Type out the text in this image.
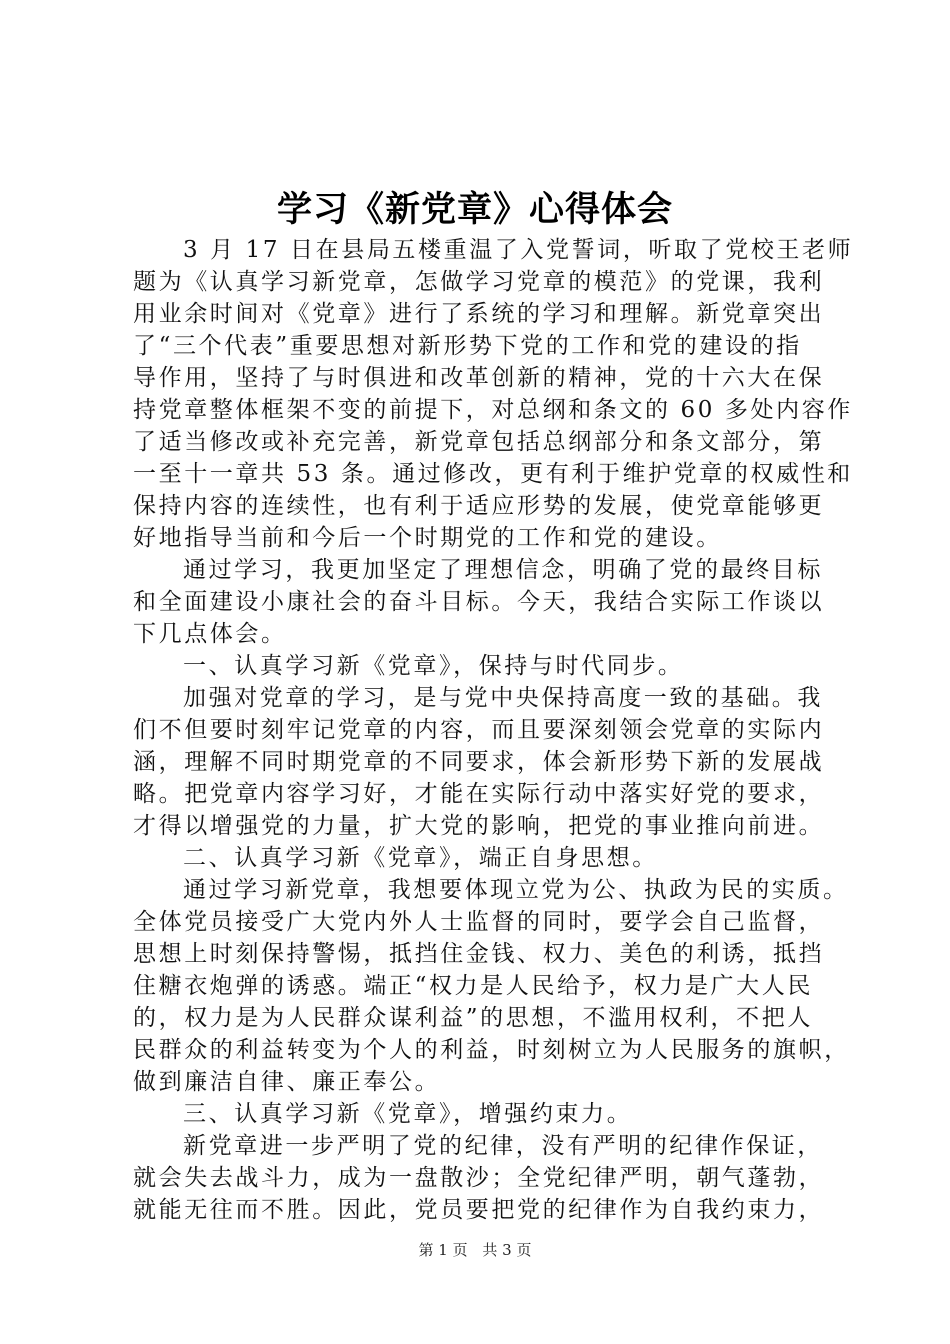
学习《新党章》心得体会
3 月 17 日在县局五楼重温了入党誓词，听取了党校王老师
题为《认真学习新党章，怎做学习党章的模范》的党课，我利
用业余时间对《党章》进行了系统的学习和理解。新党章突出
了“三个代表”重要思想对新形势下党的工作和党的建设的指
导作用，坚持了与时俱进和改革创新的精神，党的十六大在保
持党章整体框架不变的前提下，对总纲和条文的 60 多处内容作
了适当修改或补充完善，新党章包括总纲部分和条文部分，第
一至十一章共 53 条。通过修改，更有利于维护党章的权威性和
保持内容的连续性，也有利于适应形势的发展，使党章能够更
好地指导当前和今后一个时期党的工作和党的建设。
通过学习，我更加坚定了理想信念，明确了党的最终目标
和全面建设小康社会的奋斗目标。今天，我结合实际工作谈以
下几点体会。
一、认真学习新《党章》，保持与时代同步。
加强对党章的学习，是与党中央保持高度一致的基础。我
们不但要时刻牢记党章的内容，而且要深刻领会党章的实际内
涵，理解不同时期党章的不同要求，体会新形势下新的发展战
略。把党章内容学习好，才能在实际行动中落实好党的要求，
才得以增强党的力量，扩大党的影响，把党的事业推向前进。
二、认真学习新《党章》，端正自身思想。
通过学习新党章，我想要体现立党为公、执政为民的实质。
全体党员接受广大党内外人士监督的同时，要学会自己监督，
思想上时刻保持警惕，抵挡住金钱、权力、美色的利诱，抵挡
住糖衣炮弹的诱惑。端正“权力是人民给予，权力是广大人民
的，权力是为人民群众谋利益”的思想，不滥用权利，不把人
民群众的利益转变为个人的利益，时刻树立为人民服务的旗帜，
做到廉洁自律、廉正奉公。
三、认真学习新《党章》，增强约束力。
新党章进一步严明了党的纪律，没有严明的纪律作保证，
就会失去战斗力，成为一盘散沙；全党纪律严明，朝气蓬勃，
就能无往而不胜。因此，党员要把党的纪律作为自我约束力，
第 1 页 共 3 页
